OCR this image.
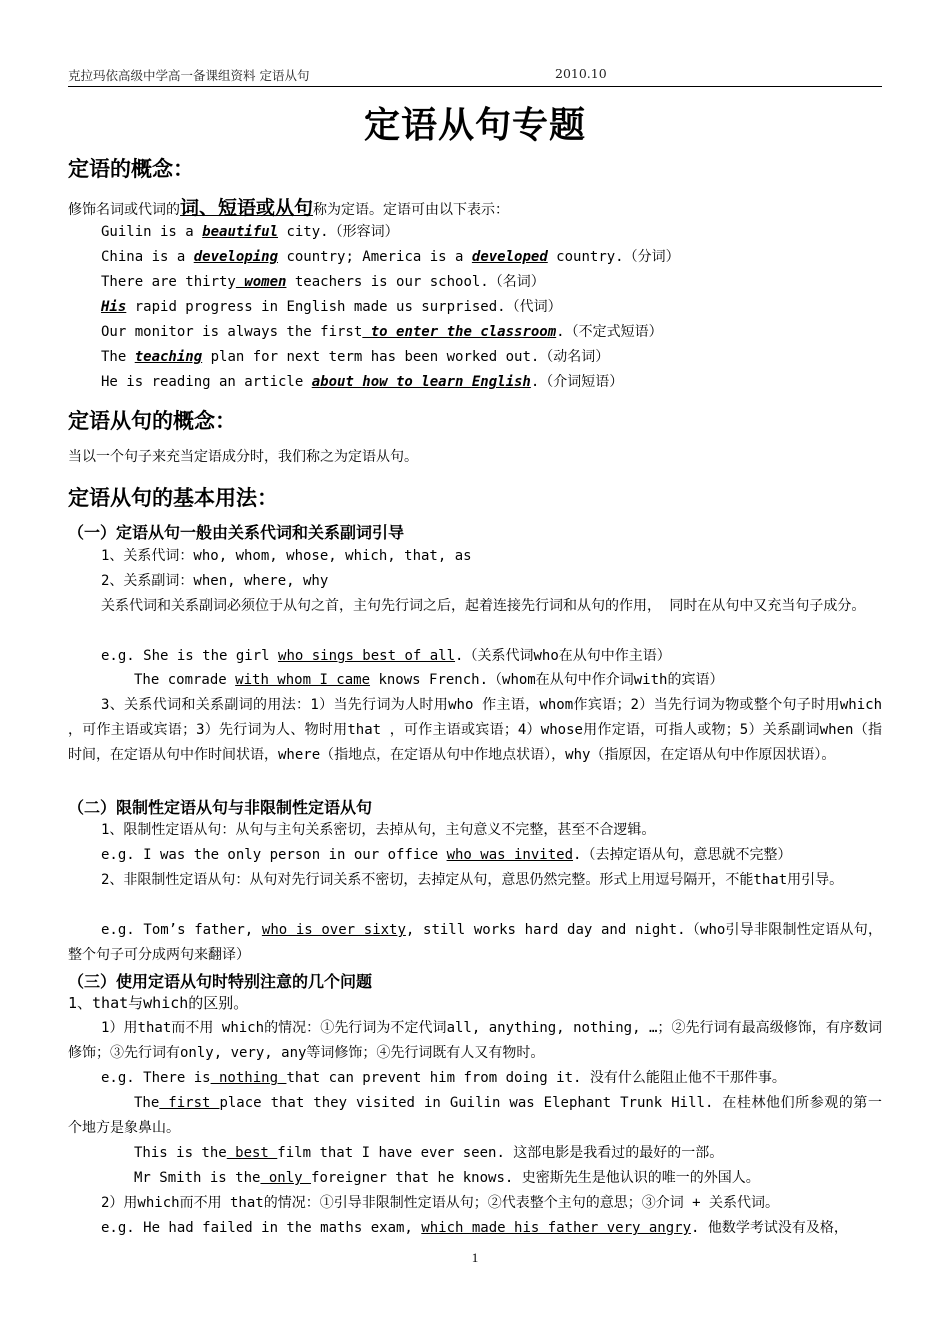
克拉玛依高级中学高一备课组资料 定语从句	2010.10
定语从句专题
定语的概念：
修饰名词或代词的词、短语或从句称为定语。定语可由以下表示：
Guilin is a beautiful city.（形容词）
China is a developing country; America is a developed country.（分词）
There are thirty women teachers is our school.（名词）
His rapid progress in English made us surprised.（代词）
Our monitor is always the first to enter the classroom.（不定式短语）
The teaching plan for next term has been worked out.（动名词）
He is reading an article about how to learn English.（介词短语）
定语从句的概念：
当以一个句子来充当定语成分时，我们称之为定语从句。
定语从句的基本用法：
（一）定语从句一般由关系代词和关系副词引导
1、关系代词：who, whom, whose, which, that, as
2、关系副词：when, where, why
关系代词和关系副词必须位于从句之首，主句先行词之后，起着连接先行词和从句的作用， 同时在从句中又充当句子成分。
e.g. She is the girl who sings best of all.（关系代词who在从句中作主语）
The comrade with whom I came knows French.（whom在从句中作介词with的宾语）
3、关系代词和关系副词的用法：1）当先行词为人时用who 作主语，whom作宾语；2）当先行词为物或整个句子时用which ，可作主语或宾语；3）先行词为人、物时用that ，可作主语或宾语；4）whose用作定语，可指人或物；5）关系副词when（指时间，在定语从句中作时间状语，where（指地点，在定语从句中作地点状语），why（指原因，在定语从句中作原因状语）。
（二）限制性定语从句与非限制性定语从句
1、限制性定语从句：从句与主句关系密切，去掉从句，主句意义不完整，甚至不合逻辑。
e.g. I was the only person in our office who was invited.（去掉定语从句，意思就不完整）
2、非限制性定语从句：从句对先行词关系不密切，去掉定从句，意思仍然完整。形式上用逗号隔开，不能that用引导。
e.g. Tom’s father, who is over sixty, still works hard day and night.（who引导非限制性定语从句，整个句子可分成两句来翻译）
（三）使用定语从句时特别注意的几个问题
1、that与which的区别。
1）用that而不用 which的情况：①先行词为不定代词all, anything, nothing, …；②先行词有最高级修饰，有序数词修饰；③先行词有only, very, any等词修饰；④先行词既有人又有物时。
e.g. There is nothing that can prevent him from doing it. 没有什么能阻止他不干那件事。
The first place that they visited in Guilin was Elephant Trunk Hill. 在桂林他们所参观的第一个地方是象鼻山。
This is the best film that I have ever seen. 这部电影是我看过的最好的一部。
Mr Smith is the only foreigner that he knows. 史密斯先生是他认识的唯一的外国人。
2）用which而不用 that的情况：①引导非限制性定语从句；②代表整个主句的意思；③介词 + 关系代词。
e.g. He had failed in the maths exam, which made his father very angry. 他数学考试没有及格，
1
